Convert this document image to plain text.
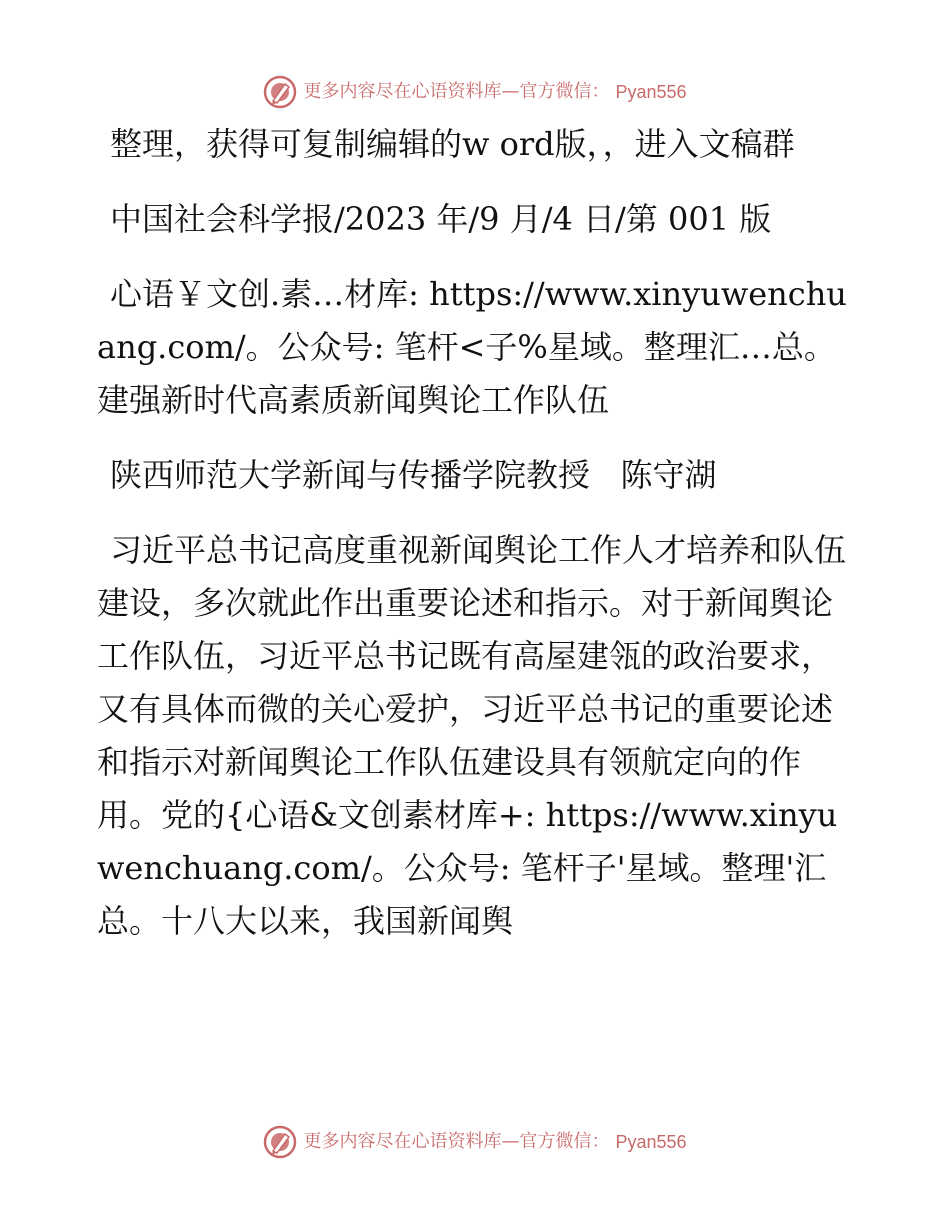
更多内容尽在心语资料库—官方微信： Pyan556

整理，获得可复制编辑的w ord版，，进入文稿群

中国社会科学报/2023 年/9 月/4 日/第 001 版

心语￥文创.素…材库: https://www.xinyuwenchuang.com/。公众号: 笔杆<子%星域。整理汇…总。建强新时代高素质新闻舆论工作队伍

陕西师范大学新闻与传播学院教授   陈守湖

习近平总书记高度重视新闻舆论工作人才培养和队伍建设，多次就此作出重要论述和指示。对于新闻舆论工作队伍，习近平总书记既有高屋建瓴的政治要求，又有具体而微的关心爱护，习近平总书记的重要论述和指示对新闻舆论工作队伍建设具有领航定向的作用。党的{心语&文创素材库+: https://www.xinyuwenchuang.com/。公众号: 笔杆子'星域。整理'汇总。十八大以来，我国新闻舆

更多内容尽在心语资料库—官方微信： Pyan556
